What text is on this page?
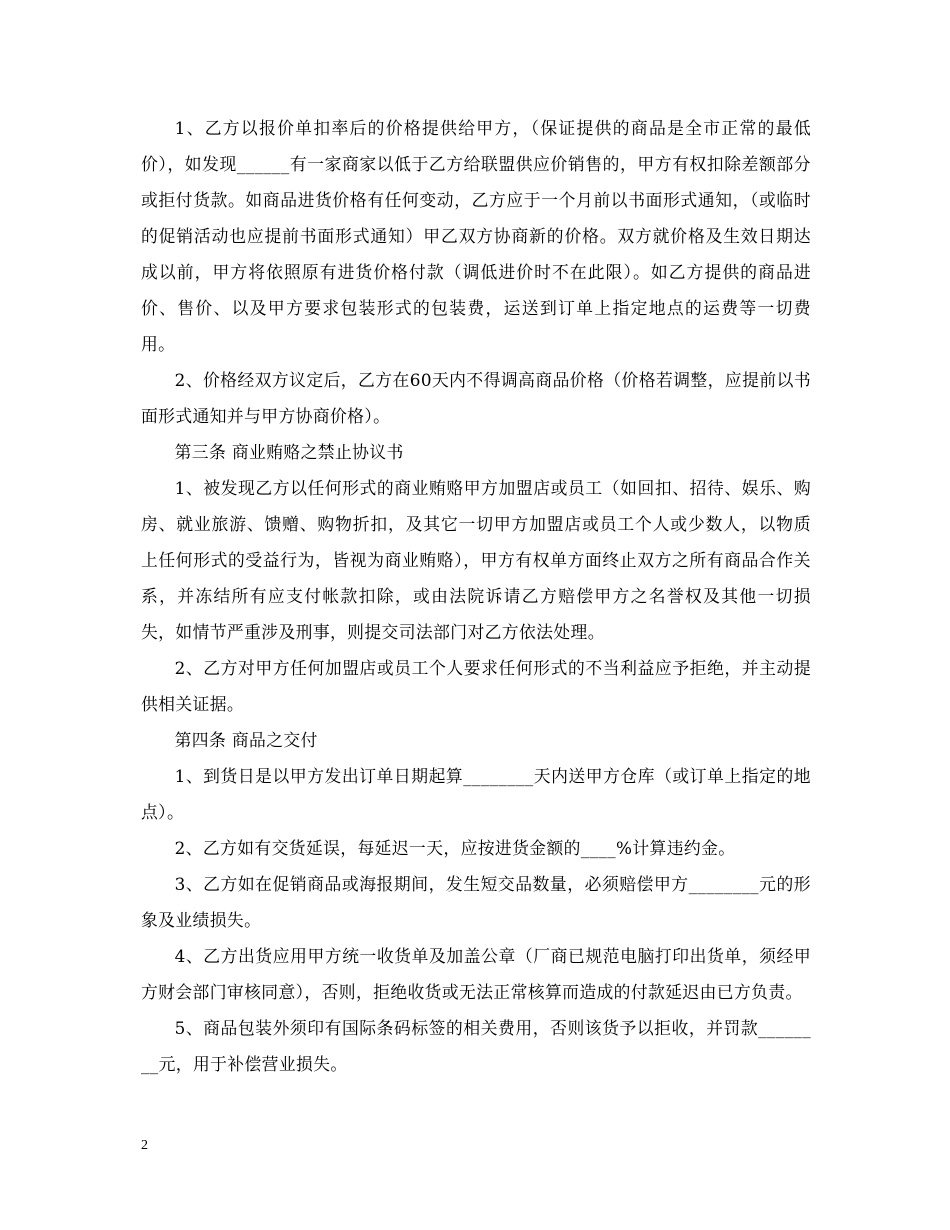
1、乙方以报价单扣率后的价格提供给甲方，（保证提供的商品是全市正常的最低价），如发现______有一家商家以低于乙方给联盟供应价销售的，甲方有权扣除差额部分或拒付货款。如商品进货价格有任何变动，乙方应于一个月前以书面形式通知，（或临时的促销活动也应提前书面形式通知）甲乙双方协商新的价格。双方就价格及生效日期达成以前，甲方将依照原有进货价格付款（调低进价时不在此限）。如乙方提供的商品进价、售价、以及甲方要求包装形式的包装费，运送到订单上指定地点的运费等一切费用。

2、价格经双方议定后，乙方在60天内不得调高商品价格（价格若调整，应提前以书面形式通知并与甲方协商价格）。

第三条 商业贿赂之禁止协议书

1、被发现乙方以任何形式的商业贿赂甲方加盟店或员工（如回扣、招待、娱乐、购房、就业旅游、馈赠、购物折扣，及其它一切甲方加盟店或员工个人或少数人，以物质上任何形式的受益行为，皆视为商业贿赂），甲方有权单方面终止双方之所有商品合作关系，并冻结所有应支付帐款扣除，或由法院诉请乙方赔偿甲方之名誉权及其他一切损失，如情节严重涉及刑事，则提交司法部门对乙方依法处理。

2、乙方对甲方任何加盟店或员工个人要求任何形式的不当利益应予拒绝，并主动提供相关证据。

第四条 商品之交付

1、到货日是以甲方发出订单日期起算________天内送甲方仓库（或订单上指定的地点）。

2、乙方如有交货延误，每延迟一天，应按进货金额的____%计算违约金。

3、乙方如在促销商品或海报期间，发生短交品数量，必须赔偿甲方________元的形象及业绩损失。

4、乙方出货应用甲方统一收货单及加盖公章（厂商已规范电脑打印出货单，须经甲方财会部门审核同意），否则，拒绝收货或无法正常核算而造成的付款延迟由已方负责。

5、商品包装外须印有国际条码标签的相关费用，否则该货予以拒收，并罚款________元，用于补偿营业损失。

2
